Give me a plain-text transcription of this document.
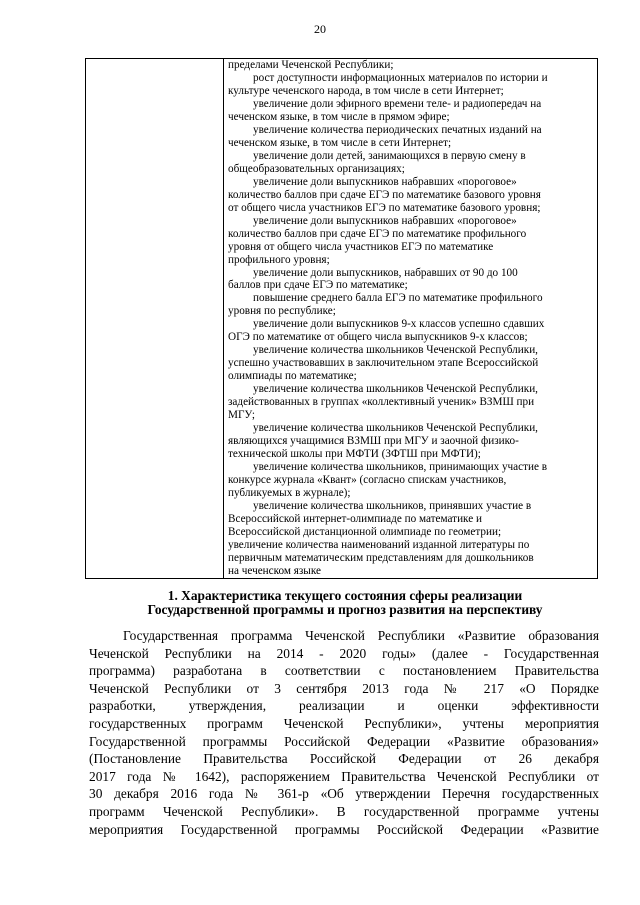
20
пределами Чеченской Республики;
рост доступности информационных материалов по истории и
культуре чеченского народа, в том числе в сети Интернет;
увеличение доли эфирного времени теле- и радиопередач на
чеченском языке, в том числе в прямом эфире;
увеличение количества периодических печатных изданий на
чеченском языке, в том числе в сети Интернет;
увеличение доли детей, занимающихся в первую смену в
общеобразовательных организациях;
увеличение доли выпускников набравших «пороговое»
количество баллов при сдаче ЕГЭ по математике базового уровня
от общего числа участников ЕГЭ по математике базового уровня;
увеличение доли выпускников набравших «пороговое»
количество баллов при сдаче ЕГЭ по математике профильного
уровня от общего числа участников ЕГЭ по математике
профильного уровня;
увеличение доли выпускников, набравших от 90 до 100
баллов при сдаче ЕГЭ по математике;
повышение среднего балла ЕГЭ по математике профильного
уровня по республике;
увеличение доли выпускников 9-х классов успешно сдавших
ОГЭ по математике от общего числа выпускников 9-х классов;
увеличение количества школьников Чеченской Республики,
успешно участвовавших в заключительном этапе Всероссийской
олимпиады по математике;
увеличение количества школьников Чеченской Республики,
задействованных в группах «коллективный ученик» ВЗМШ при
МГУ;
увеличение количества школьников Чеченской Республики,
являющихся учащимися ВЗМШ при МГУ и заочной физико-
технической школы при МФТИ (ЗФТШ при МФТИ);
увеличение количества школьников, принимающих участие в
конкурсе журнала «Квант» (согласно спискам участников,
публикуемых в журнале);
увеличение количества школьников, принявших участие в
Всероссийской интернет-олимпиаде по математике и
Всероссийской дистанционной олимпиаде по геометрии;
увеличение количества наименований изданной литературы по
первичным математическим представлениям для дошкольников
на чеченском языке
1. Характеристика текущего состояния сферы реализации
Государственной программы и прогноз развития на перспективу
Государственная программа Чеченской Республики «Развитие образования
Чеченской Республики на 2014 - 2020 годы» (далее - Государственная
программа) разработана в соответствии с постановлением Правительства
Чеченской Республики от 3 сентября 2013 года № 217 «О Порядке
разработки, утверждения, реализации и оценки эффективности
государственных программ Чеченской Республики», учтены мероприятия
Государственной программы Российской Федерации «Развитие образования»
(Постановление Правительства Российской Федерации от 26 декабря
2017 года № 1642), распоряжением Правительства Чеченской Республики от
30 декабря 2016 года № 361-р «Об утверждении Перечня государственных
программ Чеченской Республики». В государственной программе учтены
мероприятия Государственной программы Российской Федерации «Развитие
